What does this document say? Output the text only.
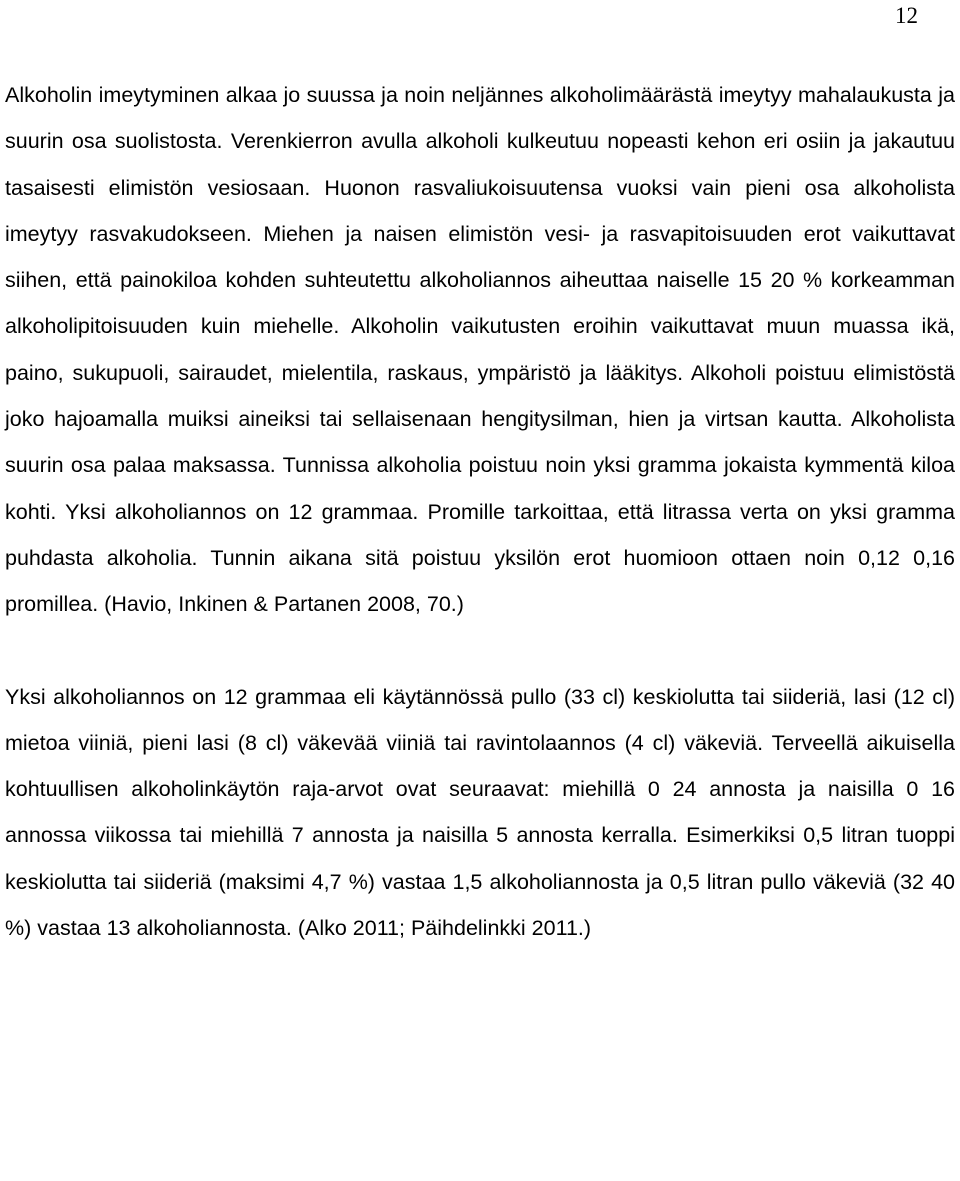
12

Alkoholin imeytyminen alkaa jo suussa ja noin neljännes alkoholimäärästä imeytyy mahalaukusta ja suurin osa suolistosta. Verenkierron avulla alkoholi kulkeutuu nopeasti kehon eri osiin ja jakautuu tasaisesti elimistön vesiosaan. Huonon rasvaliukoisuutensa vuoksi vain pieni osa alkoholista imeytyy rasvakudokseen. Miehen ja naisen elimistön vesi- ja rasvapitoisuuden erot vaikuttavat siihen, että painokiloa kohden suhteutettu alkoholiannos aiheuttaa naiselle 15 20 % korkeamman alkoholipitoisuuden kuin miehelle. Alkoholin vaikutusten eroihin vaikuttavat muun muassa ikä, paino, sukupuoli, sairaudet, mielentila, raskaus, ympäristö ja lääkitys. Alkoholi poistuu elimistöstä joko hajoamalla muiksi aineiksi tai sellaisenaan hengitysilman, hien ja virtsan kautta. Alkoholista suurin osa palaa maksassa. Tunnissa alkoholia poistuu noin yksi gramma jokaista kymmentä kiloa kohti. Yksi alkoholiannos on 12 grammaa. Promille tarkoittaa, että litrassa verta on yksi gramma puhdasta alkoholia. Tunnin aikana sitä poistuu yksilön erot huomioon ottaen noin 0,12 0,16 promillea. (Havio, Inkinen & Partanen 2008, 70.)

Yksi alkoholiannos on 12 grammaa eli käytännössä pullo (33 cl) keskiolutta tai siideriä, lasi (12 cl) mietoa viiniä, pieni lasi (8 cl) väkevää viiniä tai ravintolaannos (4 cl) väkeviä. Terveellä aikuisella kohtuullisen alkoholinkäytön raja-arvot ovat seuraavat: miehillä 0 24 annosta ja naisilla 0 16 annossa viikossa tai miehillä 7 annosta ja naisilla 5 annosta kerralla. Esimerkiksi 0,5 litran tuoppi keskiolutta tai siideriä (maksimi 4,7 %) vastaa 1,5 alkoholiannosta ja 0,5 litran pullo väkeviä (32 40 %) vastaa 13 alkoholiannosta. (Alko 2011; Päihdelinkki 2011.)
